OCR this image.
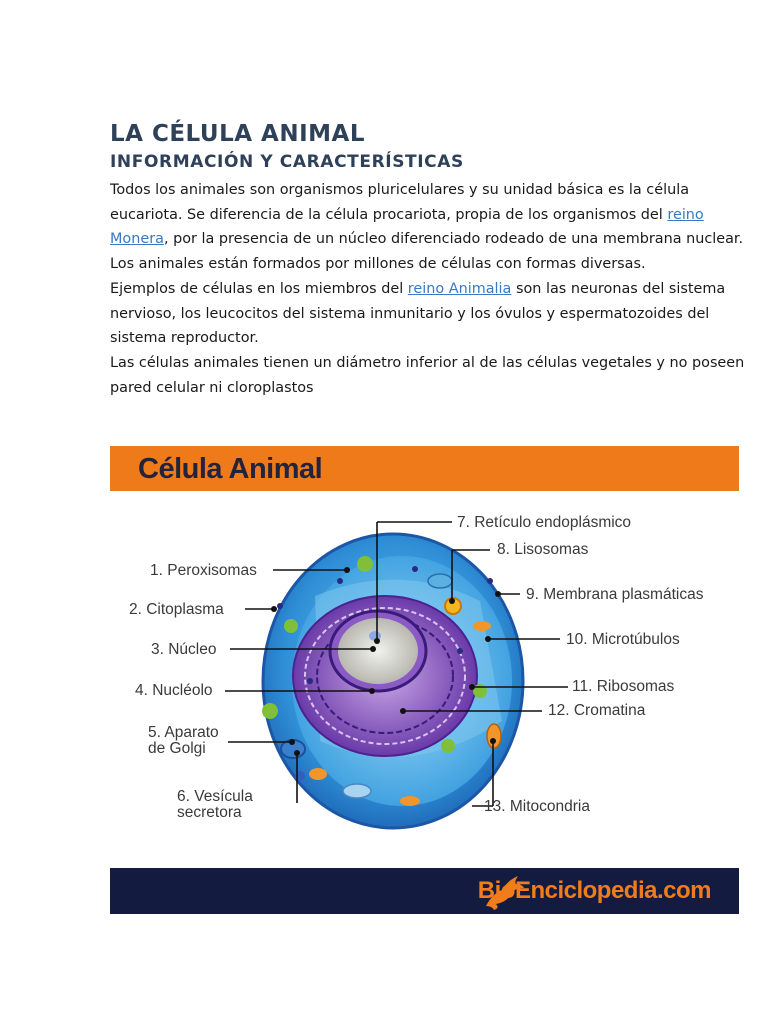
LA CÉLULA ANIMAL
INFORMACIÓN Y CARACTERÍSTICAS

Todos los animales son organismos pluricelulares y su unidad básica es la célula eucariota. Se diferencia de la célula procariota, propia de los organismos del reino Monera, por la presencia de un núcleo diferenciado rodeado de una membrana nuclear.

Los animales están formados por millones de células con formas diversas.

Ejemplos de células en los miembros del reino Animalia son las neuronas del sistema nervioso, los leucocitos del sistema inmunitario y los óvulos y espermatozoides del sistema reproductor.

Las células animales tienen un diámetro inferior al de las células vegetales y no poseen pared celular ni cloroplastos

Célula Animal
7. Retículo endoplásmico
8. Lisosomas
9. Membrana plasmáticas
10. Microtúbulos
11. Ribosomas
12. Cromatina
13. Mitocondria
1. Peroxisomas
2. Citoplasma
3. Núcleo
4. Nucléolo
5. Aparato
de Golgi
6. Vesícula
secretora
BioEnciclopedia.com
